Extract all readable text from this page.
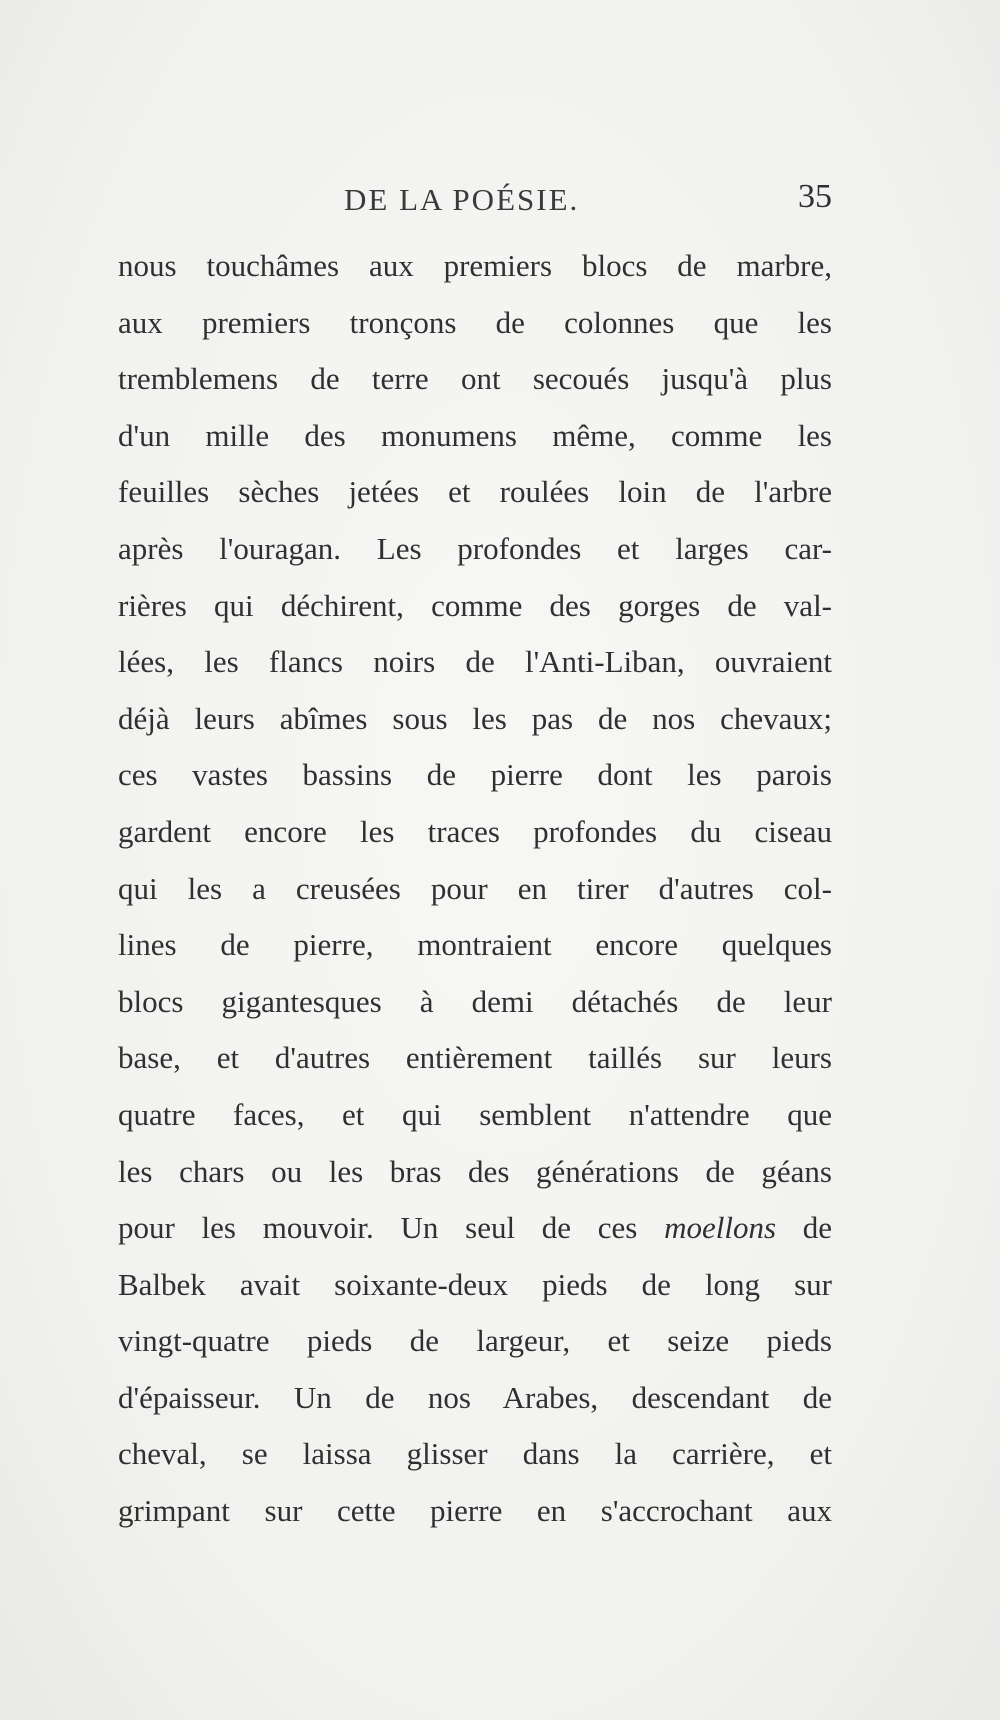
DE LA POÉSIE.	35
nous touchâmes aux premiers blocs de marbre,
aux premiers tronçons de colonnes que les
tremblemens de terre ont secoués jusqu'à plus
d'un mille des monumens même, comme les
feuilles sèches jetées et roulées loin de l'arbre
après l'ouragan. Les profondes et larges car-
rières qui déchirent, comme des gorges de val-
lées, les flancs noirs de l'Anti-Liban, ouvraient
déjà leurs abîmes sous les pas de nos chevaux;
ces vastes bassins de pierre dont les parois
gardent encore les traces profondes du ciseau
qui les a creusées pour en tirer d'autres col-
lines de pierre, montraient encore quelques
blocs gigantesques à demi détachés de leur
base, et d'autres entièrement taillés sur leurs
quatre faces, et qui semblent n'attendre que
les chars ou les bras des générations de géans
pour les mouvoir. Un seul de ces moellons de
Balbek avait soixante-deux pieds de long sur
vingt-quatre pieds de largeur, et seize pieds
d'épaisseur. Un de nos Arabes, descendant de
cheval, se laissa glisser dans la carrière, et
grimpant sur cette pierre en s'accrochant aux
